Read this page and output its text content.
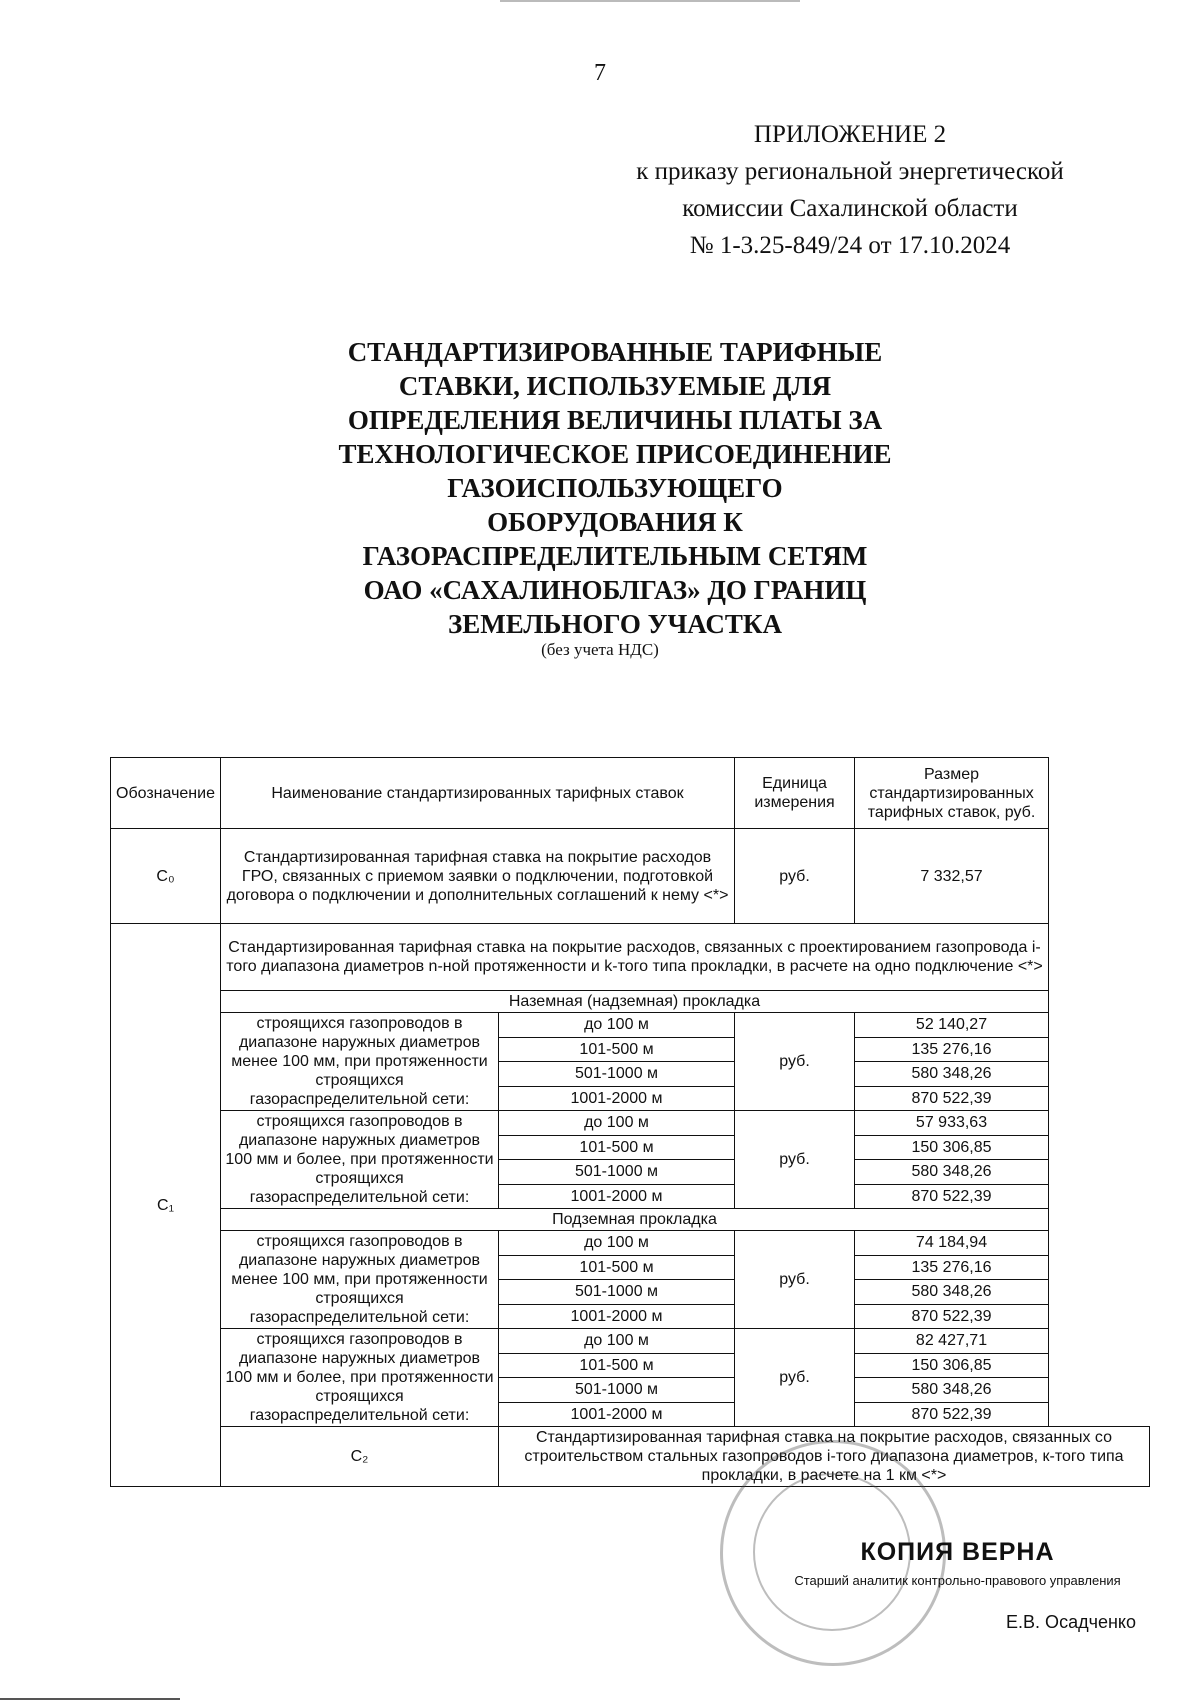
7
ПРИЛОЖЕНИЕ 2
к приказу региональной энергетической
комиссии Сахалинской области
№ 1-3.25-849/24 от 17.10.2024
СТАНДАРТИЗИРОВАННЫЕ ТАРИФНЫЕ
СТАВКИ, ИСПОЛЬЗУЕМЫЕ ДЛЯ
ОПРЕДЕЛЕНИЯ ВЕЛИЧИНЫ ПЛАТЫ ЗА
ТЕХНОЛОГИЧЕСКОЕ ПРИСОЕДИНЕНИЕ
ГАЗОИСПОЛЬЗУЮЩЕГО
ОБОРУДОВАНИЯ К
ГАЗОРАСПРЕДЕЛИТЕЛЬНЫМ СЕТЯМ
ОАО «САХАЛИНОБЛГАЗ» ДО ГРАНИЦ
ЗЕМЕЛЬНОГО УЧАСТКА
(без учета НДС)
Обозначение	Наименование стандартизированных тарифных ставок		Единица измерения	Размер стандартизированных тарифных ставок, руб.
C₀	Стандартизированная тарифная ставка на покрытие расходов ГРО, связанных с приемом заявки о подключении, подготовкой договора о подключении и дополнительных соглашений к нему <*>		руб.	7 332,57
C₁	Стандартизированная тарифная ставка на покрытие расходов, связанных с проектированием газопровода i-того диапазона диаметров n-ной протяженности и k-того типа прокладки, в расчете на одно подключение <*>			
	Наземная (надземная) прокладка			
	строящихся газопроводов в диапазоне наружных диаметров менее 100 мм, при протяженности строящихся газораспределительной сети:	до 100 м	руб.	52 140,27
		101-500 м		135 276,16
		501-1000 м		580 348,26
		1001-2000 м		870 522,39
	строящихся газопроводов в диапазоне наружных диаметров 100 мм и более, при протяженности строящихся газораспределительной сети:	до 100 м	руб.	57 933,63
		101-500 м		150 306,85
		501-1000 м		580 348,26
		1001-2000 м		870 522,39
	Подземная прокладка			
	строящихся газопроводов в диапазоне наружных диаметров менее 100 мм, при протяженности строящихся газораспределительной сети:	до 100 м	руб.	74 184,94
		101-500 м		135 276,16
		501-1000 м		580 348,26
		1001-2000 м		870 522,39
	строящихся газопроводов в диапазоне наружных диаметров 100 мм и более, при протяженности строящихся газораспределительной сети:	до 100 м	руб.	82 427,71
		101-500 м		150 306,85
		501-1000 м		580 348,26
		1001-2000 м		870 522,39
	C₂	Стандартизированная тарифная ставка на покрытие расходов, связанных со строительством стальных газопроводов i-того диапазона диаметров, к-того типа прокладки, в расчете на 1 км <*>		
КОПИЯ ВЕРНА
Старший аналитик контрольно-правового управления
Е.В. Осадченко
